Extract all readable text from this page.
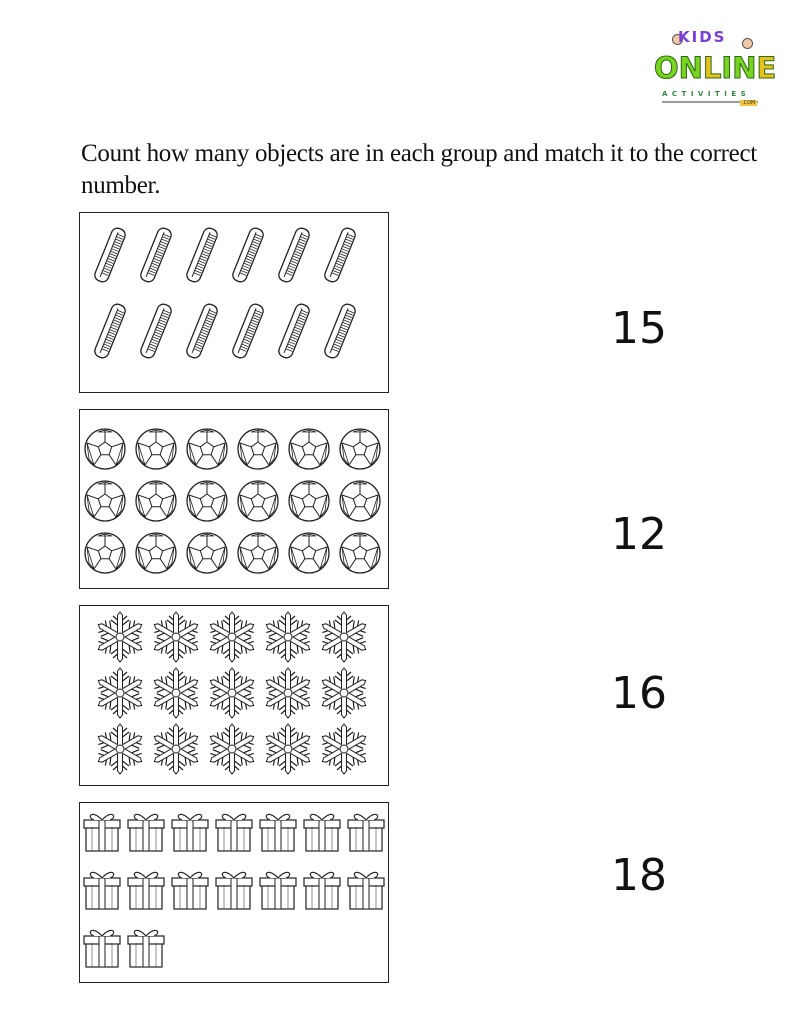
KIDS
ONLINE
ACTIVITIES
.COM
Count how many objects are in each group and match it to the correct number.
15
12
16
18
